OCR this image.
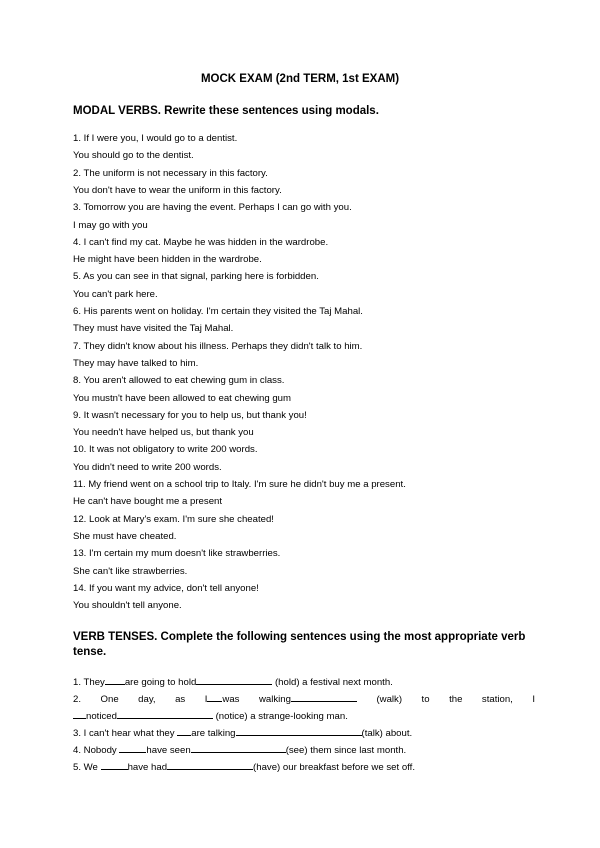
MOCK EXAM (2nd TERM, 1st EXAM)
MODAL VERBS. Rewrite these sentences using modals.
1. If I were you, I would go to a dentist.
You should go to the dentist.
2. The uniform is not necessary in this factory.
You don't have to wear the uniform in this factory.
3. Tomorrow you are having the event. Perhaps I can go with you.
I may go with you
4. I can't find my cat. Maybe he was hidden in the wardrobe.
He might have been hidden in the wardrobe.
5. As you can see in that signal, parking here is forbidden.
You can't park here.
6. His parents went on holiday. I'm certain they visited the Taj Mahal.
They must have visited the Taj Mahal.
7. They didn't know about his illness. Perhaps they didn't talk to him.
They may have talked to him.
8. You aren't allowed to eat chewing gum in class.
You mustn't have been allowed to eat chewing gum
9. It wasn't necessary for you to help us, but thank you!
You needn't have helped us, but thank you
10. It was not obligatory to write 200 words.
You didn't need to write 200 words.
11. My friend went on a school trip to Italy. I'm sure he didn't buy me a present.
He can't have bought me a present
12. Look at Mary's exam. I'm sure she cheated!
She must have cheated.
13. I'm certain my mum doesn't like strawberries.
She can't like strawberries.
14. If you want my advice, don't tell anyone!
You shouldn't tell anyone.
VERB TENSES. Complete the following sentences using the most appropriate verb tense.
1. They are going to hold	(hold) a festival next month.
2. One day, as I was walking	(walk) to the station, I
noticed	(notice) a strange-looking man.
3. I can't hear what they are talking	(talk) about.
4. Nobody	have seen	(see) them since last month.
5. We	have had	(have) our breakfast before we set off.
